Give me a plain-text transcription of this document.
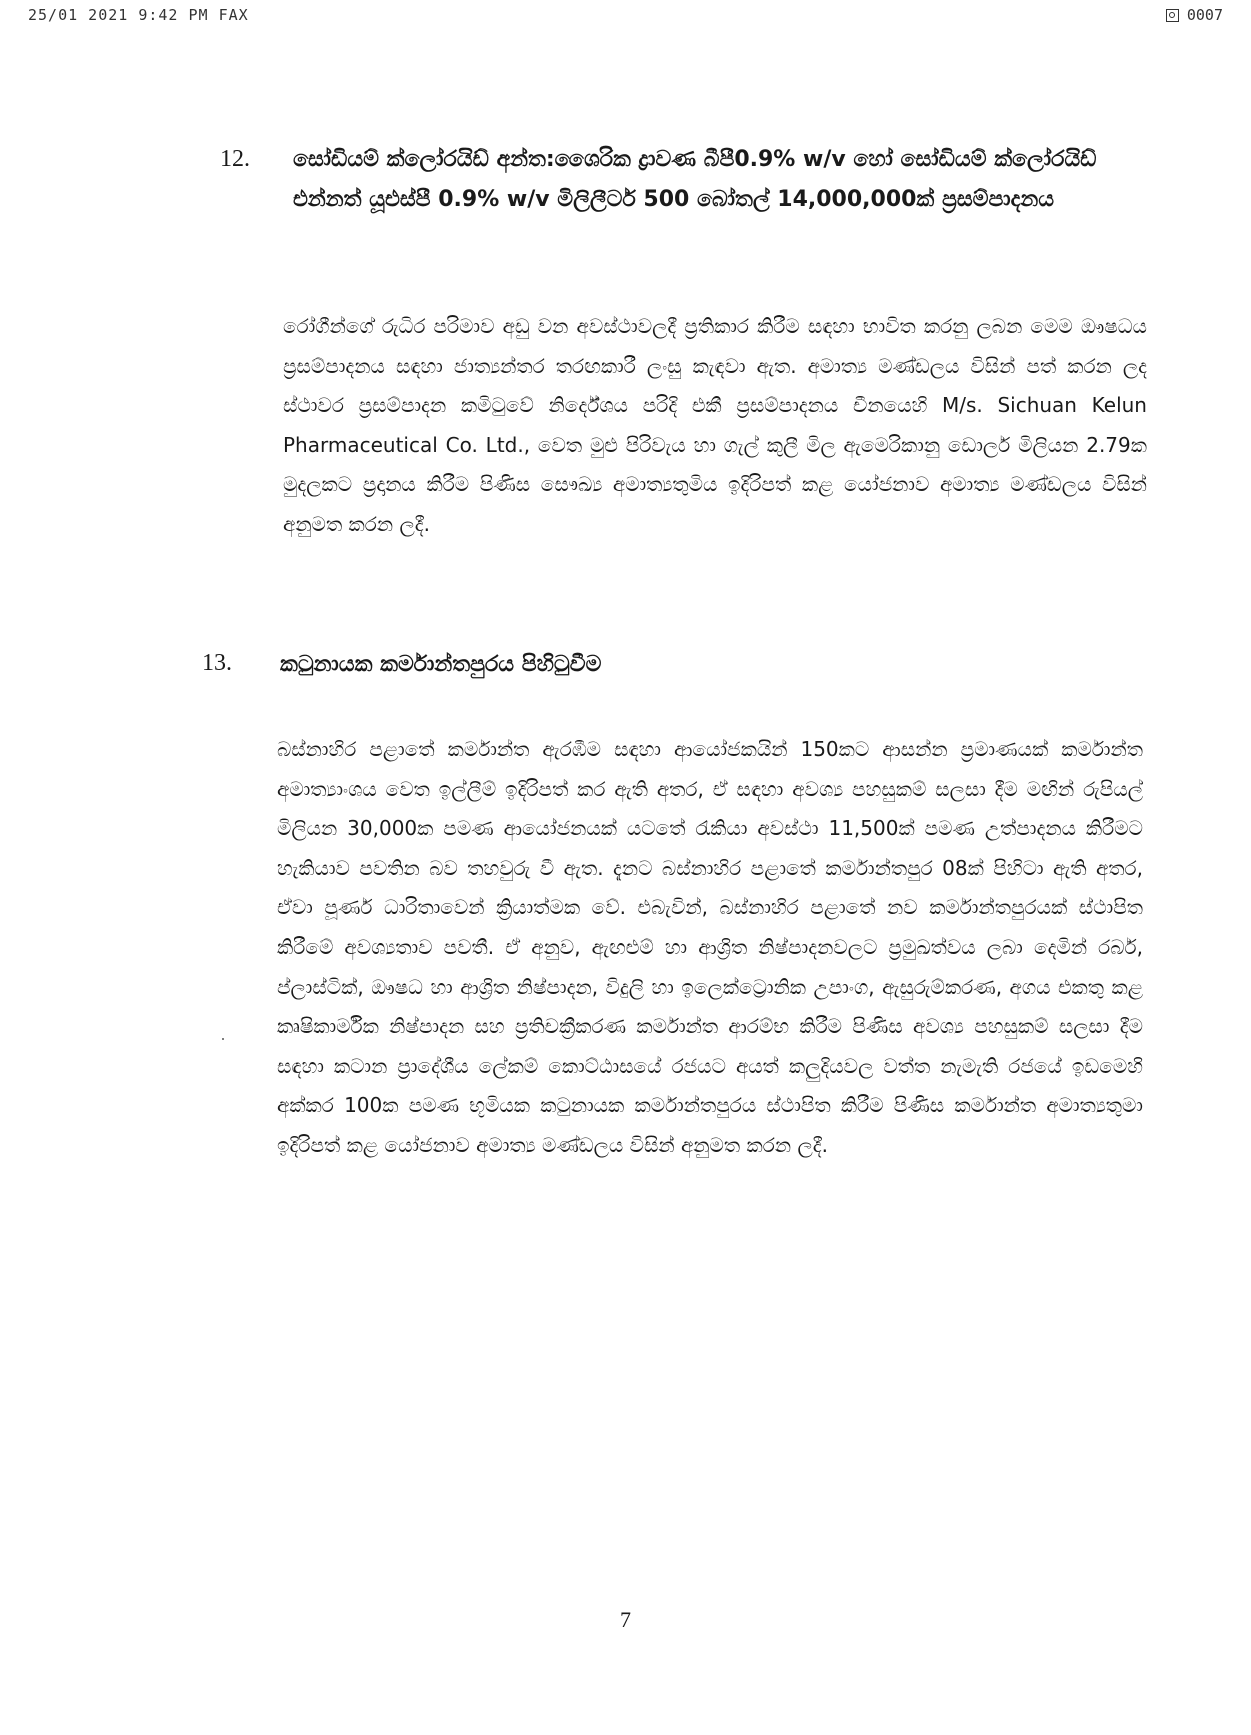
25/01 2021 9:42 PM FAX	0007
12. සෝඩියම් ක්ලෝරයිඩ් අන්ත:ශෛරික ද්‍රාවණ බීපී0.9% w/v හෝ සෝඩියම් ක්ලෝරයිඩ් එන්නත් යූඑස්පී 0.9% w/v මිලිලීටර් 500 බෝතල් 14,000,000ක් ප්‍රසම්පාදනය
රෝගීන්ගේ රුධිර පරිමාව අඩු වන අවස්ථාවලදී ප්‍රතිකාර කිරීම සඳහා භාවිත කරනු ලබන මෙම ඖෂධය ප්‍රසම්පාදනය සඳහා ජාත්‍යන්තර තරඟකාරී ලංසු කැඳවා ඇත. අමාත්‍ය මණ්ඩලය විසින් පත් කරන ලද ස්ථාවර ප්‍රසම්පාදන කමිටුවේ නිර්දේශය පරිදි එකී ප්‍රසම්පාදනය චීනයෙහි M/s. Sichuan Kelun Pharmaceutical Co. Ltd., වෙත මුළු පිරිවැය හා ගැල් කුලී මිල ඇමෙරිකානු ඩොලර් මිලියන 2.79ක මුදලකට ප්‍රදානය කිරීම පිණිස සෞඛ්‍ය අමාත්‍යතුමිය ඉදිරිපත් කළ යෝජනාව අමාත්‍ය මණ්ඩලය විසින් අනුමත කරන ලදී.
13. කටුනායක කර්මාන්තපුරය පිහිටුවීම
බස්නාහිර පළාතේ කර්මාන්ත ඇරඹීම සඳහා ආයෝජකයින් 150කට ආසන්න ප්‍රමාණයක් කර්මාන්ත අමාත්‍යාංශය වෙත ඉල්ලීම් ඉදිරිපත් කර ඇති අතර, ඒ සඳහා අවශ්‍ය පහසුකම් සලසා දීම මඟින් රුපියල් මිලියන 30,000ක පමණ ආයෝජනයක් යටතේ රැකියා අවස්ථා 11,500ක් පමණ උත්පාදනය කිරීමට හැකියාව පවතින බව තහවුරු වී ඇත. දැනට බස්නාහිර පළාතේ කර්මාන්තපුර 08ක් පිහිටා ඇති අතර, ඒවා පූර්ණ ධාරිතාවෙන් ක්‍රියාත්මක වේ. එබැවින්, බස්නාහිර පළාතේ නව කර්මාන්තපුරයක් ස්ථාපිත කිරීමේ අවශ්‍යතාව පවතී. ඒ අනුව, ඇඟළුම් හා ආශ්‍රිත නිෂ්පාදනවලට ප්‍රමුඛත්වය ලබා දෙමින් රබර්, ප්ලාස්ටික්, ඖෂධ හා ආශ්‍රිත නිෂ්පාදන, විදුලි හා ඉලෙක්ට්‍රොනික උපාංග, ඇසුරුම්කරණ, අගය එකතු කළ කෘෂිකාර්මික නිෂ්පාදන සහ ප්‍රතිචක්‍රීකරණ කර්මාන්ත ආරම්භ කිරීම පිණිස අවශ්‍ය පහසුකම් සලසා දීම සඳහා කටාන ප්‍රාදේශීය ලේකම් කොට්ඨාසයේ රජයට අයත් කලුදියවල වත්ත නැමැති රජයේ ඉඩමෙහි අක්කර 100ක පමණ භූමියක කටුනායක කර්මාන්තපුරය ස්ථාපිත කිරීම පිණිස කර්මාන්ත අමාත්‍යතුමා ඉදිරිපත් කළ යෝජනාව අමාත්‍ය මණ්ඩලය විසින් අනුමත කරන ලදී.
7
